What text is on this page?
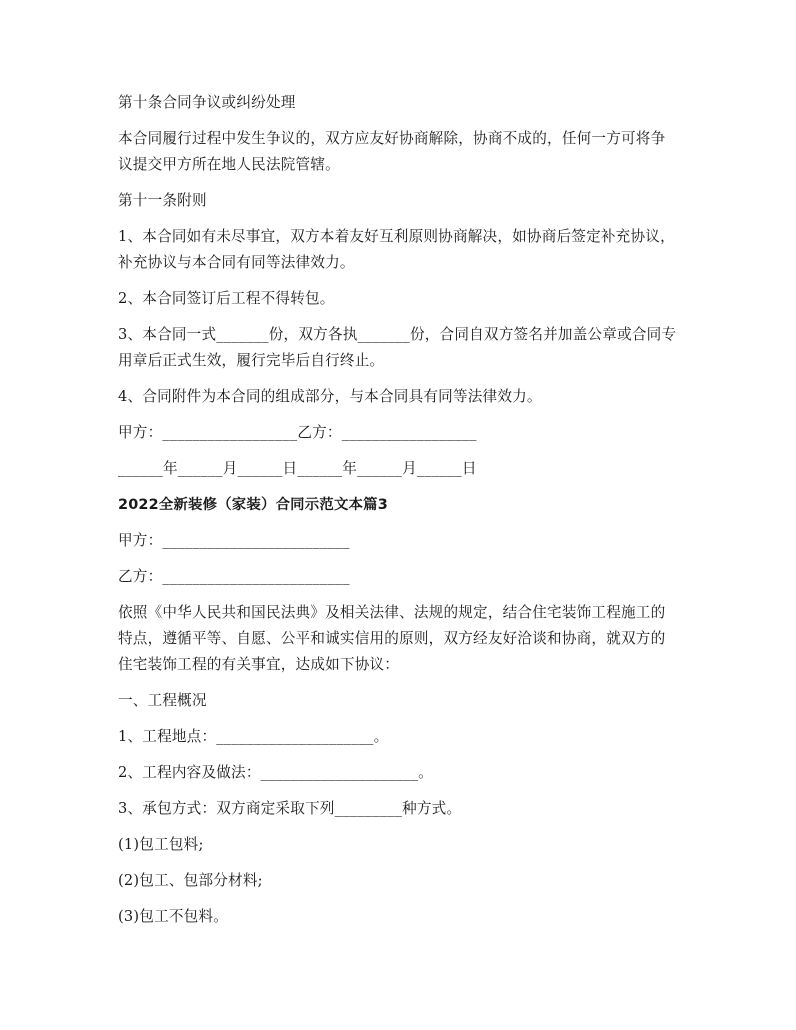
第十条合同争议或纠纷处理

本合同履行过程中发生争议的，双方应友好协商解除，协商不成的，任何一方可将争议提交甲方所在地人民法院管辖。

第十一条附则

1、本合同如有未尽事宜，双方本着友好互利原则协商解决，如协商后签定补充协议，补充协议与本合同有同等法律效力。

2、本合同签订后工程不得转包。

3、本合同一式_______份，双方各执_______份，合同自双方签名并加盖公章或合同专用章后正式生效，履行完毕后自行终止。

4、合同附件为本合同的组成部分，与本合同具有同等法律效力。

甲方：__________________乙方：__________________

______年______月______日______年______月______日

2022全新装修（家装）合同示范文本篇3

甲方：_________________________

乙方：_________________________

依照《中华人民共和国民法典》及相关法律、法规的规定，结合住宅装饰工程施工的特点，遵循平等、自愿、公平和诚实信用的原则，双方经友好洽谈和协商，就双方的住宅装饰工程的有关事宜，达成如下协议：

一、工程概况

1、工程地点：_____________________。

2、工程内容及做法：_____________________。

3、承包方式：双方商定采取下列_________种方式。

(1)包工包料;

(2)包工、包部分材料;

(3)包工不包料。
